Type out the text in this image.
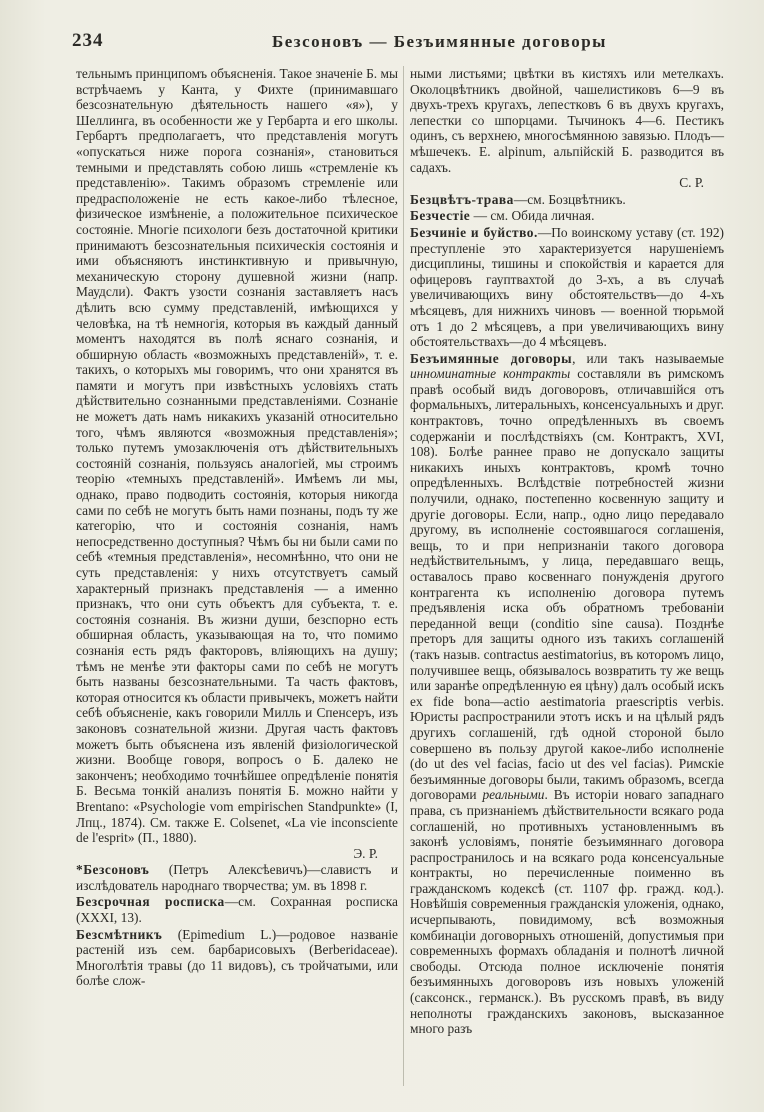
234	Безсоновъ — Безъимянные договоры

тельнымъ принципомъ объясненія. Такое значеніе Б. мы встрѣчаемъ у Канта, у Фихте (принимавшаго безсознательную дѣятельность нашего «я»), у Шеллинга, въ особенности же у Гербарта и его школы. Гербартъ предполагаетъ, что представленія могутъ «опускаться ниже порога сознанія», становиться темными и представлять собою лишь «стремленіе къ представленію». Такимъ образомъ стремленіе или предрасположеніе не есть какое-либо тѣлесное, физическое измѣненіе, а положительное психическое состояніе. Многіе психологи безъ достаточной критики принимаютъ безсознательныя психическія состоянія и ими объясняютъ инстинктивную и привычную, механическую сторону душевной жизни (напр. Маудсли). Фактъ узости сознанія заставляетъ насъ дѣлить всю сумму представленій, имѣющихся у человѣка, на тѣ немногія, которыя въ каждый данный моментъ находятся въ полѣ яснаго сознанія, и обширную область «возможныхъ представленій», т. е. такихъ, о которыхъ мы говоримъ, что они хранятся въ памяти и могутъ при извѣстныхъ условіяхъ стать дѣйствительно сознанными представленіями. Сознаніе не можетъ дать намъ никакихъ указаній относительно того, чѣмъ являются «возможныя представленія»; только путемъ умозаключенія отъ дѣйствительныхъ состояній сознанія, пользуясь аналогіей, мы строимъ теорію «темныхъ представленій». Имѣемъ ли мы, однако, право подводить состоянія, которыя никогда сами по себѣ не могутъ быть нами познаны, подъ ту же категорію, что и состоянія сознанія, намъ непосредственно доступныя? Чѣмъ бы ни были сами по себѣ «темныя представленія», несомнѣнно, что они не суть представленія: у нихъ отсутствуетъ самый характерный признакъ представленія — а именно признакъ, что они суть объектъ для субъекта, т. е. состоянія сознанія. Въ жизни души, безспорно есть обширная область, указывающая на то, что помимо сознанія есть рядъ факторовъ, вліяющихъ на душу; тѣмъ не менѣе эти факторы сами по себѣ не могутъ быть названы безсознательными. Та часть фактовъ, которая относится къ области привычекъ, можетъ найти себѣ объясненіе, какъ говорили Милль и Спенсеръ, изъ законовъ сознательной жизни. Другая часть фактовъ можетъ быть объяснена изъ явленій физіологической жизни. Вообще говоря, вопросъ о Б. далеко не законченъ; необходимо точнѣйшее опредѣленіе понятія Б. Весьма тонкій анализъ понятія Б. можно найти у Brentano: «Psychologie vom empirischen Standpunkte» (I, Лпц., 1874). См. также E. Colsenet, «La vie inconsciente de l'esprit» (П., 1880).
Э. Р.

*Безсоновъ (Петръ Алексѣевичъ)—славистъ и изслѣдователь народнаго творчества; ум. въ 1898 г.

Безсрочная росписка—см. Сохранная росписка (XXXI, 13).

Безсмѣтникъ (Epimedium L.)—родовое названіе растеній изъ сем. барбарисовыхъ (Berberidaceae). Многолѣтія травы (до 11 видовъ), съ тройчатыми, или болѣе слож-

ными листьями; цвѣтки въ кистяхъ или метелкахъ. Околоцвѣтникъ двойной, чашелистиковъ 6—9 въ двухъ-трехъ кругахъ, лепестковъ 6 въ двухъ кругахъ, лепестки со шпорцами. Тычинокъ 4—6. Пестикъ одинъ, съ верхнею, многосѣмянною завязью. Плодъ—мѣшечекъ. E. alpinum, альпійскій Б. разводится въ садахъ.
С. Р.

Безцвѣтъ-трава—см. Бозцвѣтникъ.

Безчестіе — см. Обида личная.

Безчиніе и буйство.—По воинскому уставу (ст. 192) преступленіе это характеризуется нарушеніемъ дисциплины, тишины и спокойствія и карается для офицеровъ гауптвахтой до 3-хъ, а въ случаѣ увеличивающихъ вину обстоятельствъ—до 4-хъ мѣсяцевъ, для нижнихъ чиновъ — военной тюрьмой отъ 1 до 2 мѣсяцевъ, а при увеличивающихъ вину обстоятельствахъ—до 4 мѣсяцевъ.

Безъимянные договоры, или такъ называемые инноминатные контракты составляли въ римскомъ правѣ особый видъ договоровъ, отличавшійся отъ формальныхъ, литеральныхъ, консенсуальныхъ и друг. контрактовъ, точно опредѣленныхъ въ своемъ содержаніи и послѣдствіяхъ (см. Контрактъ, XVI, 108). Болѣе раннее право не допускало защиты никакихъ иныхъ контрактовъ, кромѣ точно опредѣленныхъ. Вслѣдствіе потребностей жизни получили, однако, постепенно косвенную защиту и другіе договоры. Если, напр., одно лицо передавало другому, въ исполненіе состоявшагося соглашенія, вещь, то и при непризнаніи такого договора недѣйствительнымъ, у лица, передавшаго вещь, оставалось право косвеннаго понужденія другого контрагента къ исполненію договора путемъ предъявленія иска объ обратномъ требованіи переданной вещи (conditio sine causa). Позднѣе преторъ для защиты одного изъ такихъ соглашеній (такъ назыв. contractus aestimatorius, въ которомъ лицо, получившее вещь, обязывалось возвратить ту же вещь или заранѣе опредѣленную ея цѣну) далъ особый искъ ex fide bona—actio aestimatoria praescriptis verbis. Юристы распространили этотъ искъ и на цѣлый рядъ другихъ соглашеній, гдѣ одной стороной было совершено въ пользу другой какое-либо исполненіе (do ut des vel facias, facio ut des vel facias). Римскіе безъимянные договоры были, такимъ образомъ, всегда договорами реальными. Въ исторіи новаго западнаго права, съ признаніемъ дѣйствительности всякаго рода соглашеній, но противныхъ установленнымъ въ законѣ условіямъ, понятіе безъимяннаго договора распространилось и на всякаго рода консенсуальные контракты, но перечисленные поименно въ гражданскомъ кодексѣ (ст. 1107 фр. гражд. код.). Новѣйшія современныя гражданскія уложенія, однако, исчерпывають, повидимому, всѣ возможныя комбинаціи договорныхъ отношеній, допустимыя при современныхъ формахъ обладанія и полнотѣ личной свободы. Отсюда полное исключеніе понятія безъимянныхъ договоровъ изъ новыхъ уложеній (саксонск., германск.). Въ русскомъ правѣ, въ виду неполноты гражданскихъ законовъ, высказанное много разъ
